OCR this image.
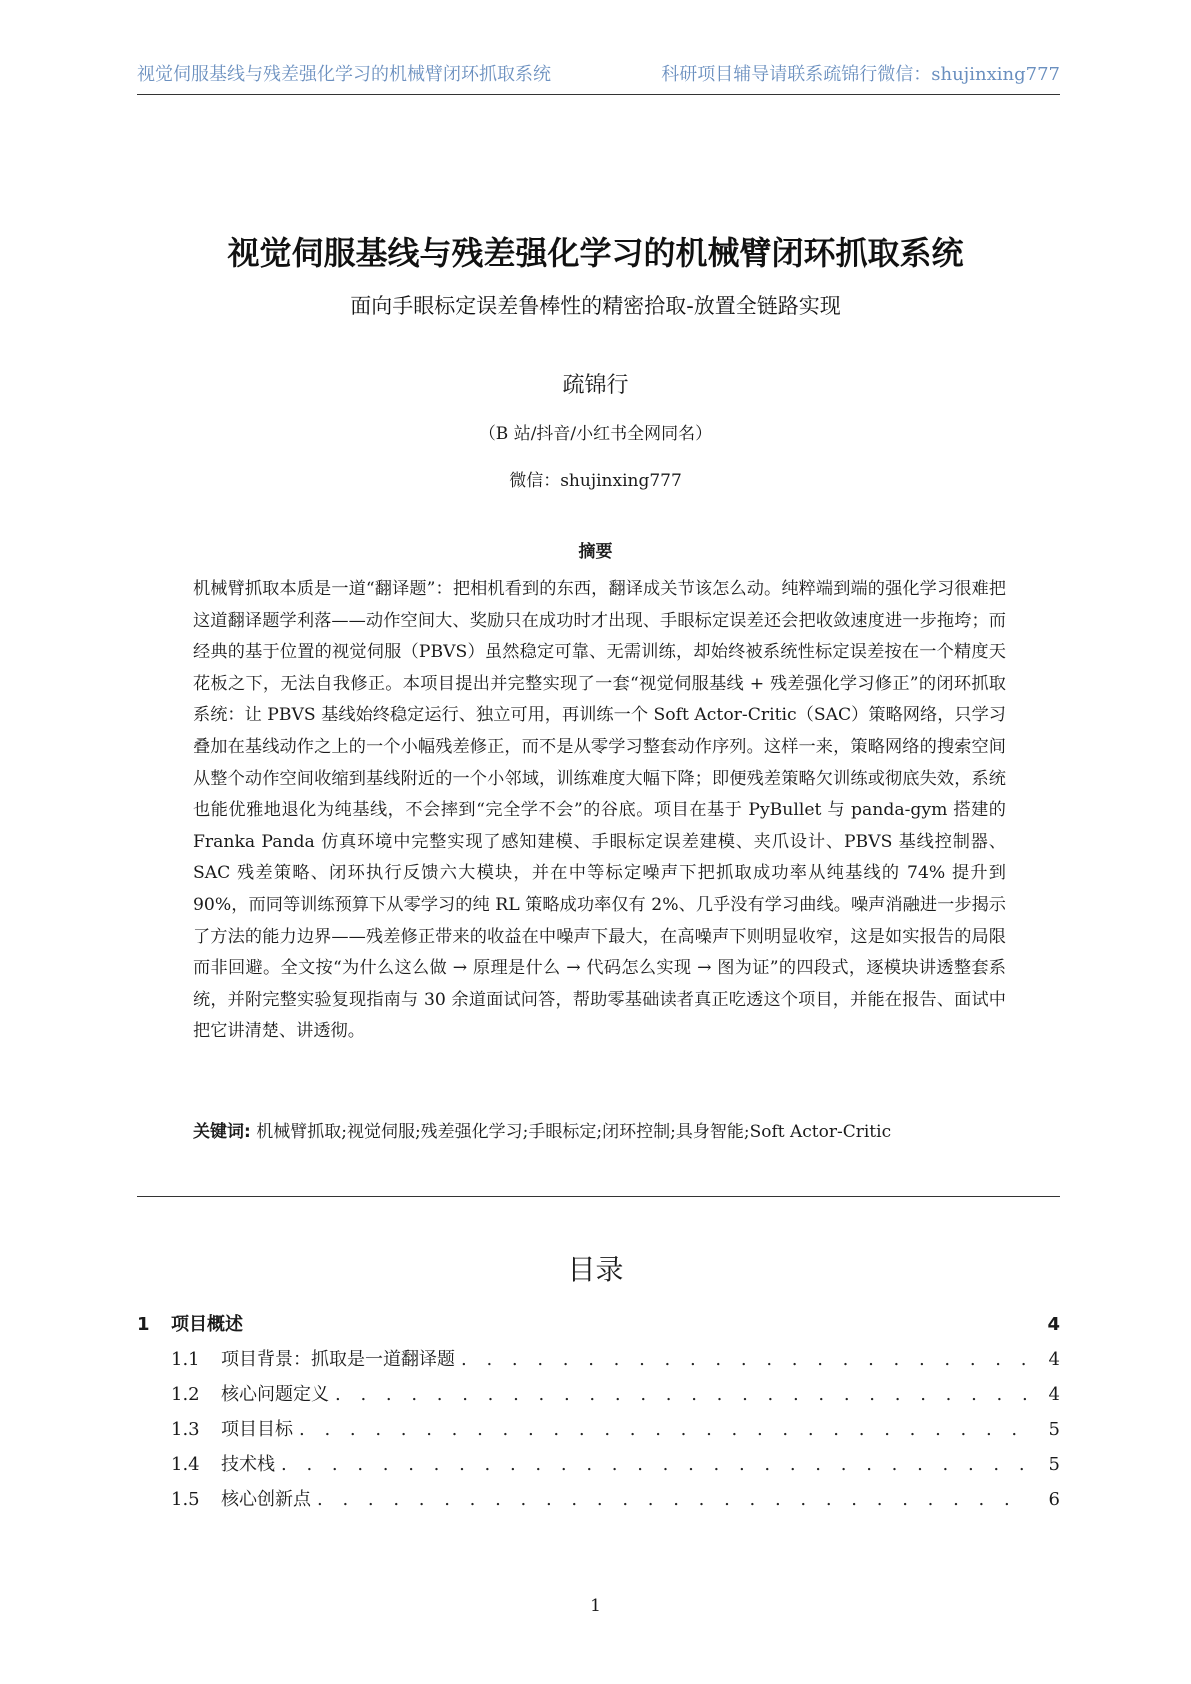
视觉伺服基线与残差强化学习的机械臂闭环抓取系统	科研项目辅导请联系疏锦行微信：shujinxing777
视觉伺服基线与残差强化学习的机械臂闭环抓取系统
面向手眼标定误差鲁棒性的精密拾取-放置全链路实现
疏锦行
（B 站/抖音/小红书全网同名）
微信：shujinxing777
摘要

机械臂抓取本质是一道“翻译题”：把相机看到的东西，翻译成关节该怎么动。纯粹端到端的强化学习很难把这道翻译题学利落——动作空间大、奖励只在成功时才出现、手眼标定误差还会把收敛速度进一步拖垮；而经典的基于位置的视觉伺服（PBVS）虽然稳定可靠、无需训练，却始终被系统性标定误差按在一个精度天花板之下，无法自我修正。本项目提出并完整实现了一套“视觉伺服基线 + 残差强化学习修正”的闭环抓取系统：让 PBVS 基线始终稳定运行、独立可用，再训练一个 Soft Actor-Critic（SAC）策略网络，只学习叠加在基线动作之上的一个小幅残差修正，而不是从零学习整套动作序列。这样一来，策略网络的搜索空间从整个动作空间收缩到基线附近的一个小邻域，训练难度大幅下降；即便残差策略欠训练或彻底失效，系统也能优雅地退化为纯基线，不会摔到“完全学不会”的谷底。项目在基于 PyBullet 与 panda-gym 搭建的 Franka Panda 仿真环境中完整实现了感知建模、手眼标定误差建模、夹爪设计、PBVS 基线控制器、SAC 残差策略、闭环执行反馈六大模块，并在中等标定噪声下把抓取成功率从纯基线的 74% 提升到 90%，而同等训练预算下从零学习的纯 RL 策略成功率仅有 2%、几乎没有学习曲线。噪声消融进一步揭示了方法的能力边界——残差修正带来的收益在中噪声下最大，在高噪声下则明显收窄，这是如实报告的局限而非回避。全文按“为什么这么做 → 原理是什么 → 代码怎么实现 → 图为证”的四段式，逐模块讲透整套系统，并附完整实验复现指南与 30 余道面试问答，帮助零基础读者真正吃透这个项目，并能在报告、面试中把它讲清楚、讲透彻。

关键词: 机械臂抓取;视觉伺服;残差强化学习;手眼标定;闭环控制;具身智能;Soft Actor-Critic
目录
1	项目概述	4
1.1	项目背景：抓取是一道翻译题 . . .	4
1.2	核心问题定义 . . .	4
1.3	项目目标 . . .	5
1.4	技术栈 . . .	5
1.5	核心创新点 . . .	6
1
